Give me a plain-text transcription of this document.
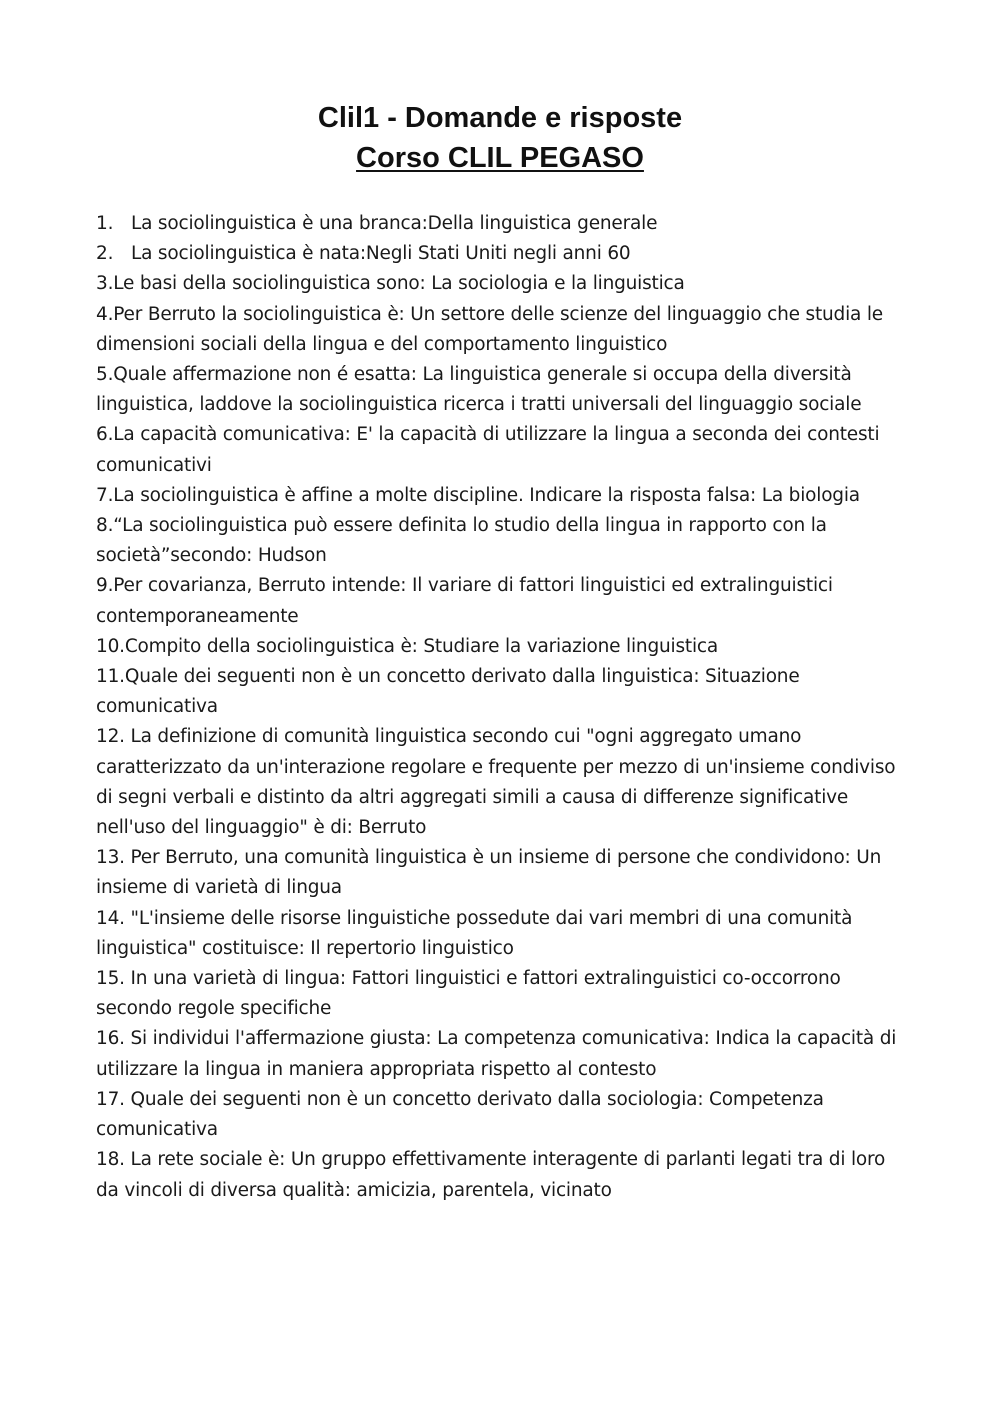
Clil1 - Domande e risposte
Corso CLIL PEGASO
1. La sociolinguistica è una branca:Della linguistica generale
2. La sociolinguistica è nata:Negli Stati Uniti negli anni 60
3.Le basi della sociolinguistica sono: La sociologia e la linguistica
4.Per Berruto la sociolinguistica è: Un settore delle scienze del linguaggio che studia le dimensioni sociali della lingua e del comportamento linguistico
5.Quale affermazione non é esatta: La linguistica generale si occupa della diversità linguistica, laddove la sociolinguistica ricerca i tratti universali del linguaggio sociale
6.La capacità comunicativa: E' la capacità di utilizzare la lingua a seconda dei contesti comunicativi
7.La sociolinguistica è affine a molte discipline. Indicare la risposta falsa: La biologia
8.“La sociolinguistica può essere definita lo studio della lingua in rapporto con la società”secondo: Hudson
9.Per covarianza, Berruto intende: Il variare di fattori linguistici ed extralinguistici contemporaneamente
10.Compito della sociolinguistica è: Studiare la variazione linguistica
11.Quale dei seguenti non è un concetto derivato dalla linguistica: Situazione comunicativa
12. La definizione di comunità linguistica secondo cui "ogni aggregato umano caratterizzato da un'interazione regolare e frequente per mezzo di un'insieme condiviso di segni verbali e distinto da altri aggregati simili a causa di differenze significative nell'uso del linguaggio" è di: Berruto
13. Per Berruto, una comunità linguistica è un insieme di persone che condividono: Un insieme di varietà di lingua
14. "L'insieme delle risorse linguistiche possedute dai vari membri di una comunità linguistica" costituisce: Il repertorio linguistico
15. In una varietà di lingua: Fattori linguistici e fattori extralinguistici co-occorrono secondo regole specifiche
16. Si individui l'affermazione giusta: La competenza comunicativa: Indica la capacità di utilizzare la lingua in maniera appropriata rispetto al contesto
17. Quale dei seguenti non è un concetto derivato dalla sociologia: Competenza comunicativa
18. La rete sociale è: Un gruppo effettivamente interagente di parlanti legati tra di loro da vincoli di diversa qualità: amicizia, parentela, vicinato
